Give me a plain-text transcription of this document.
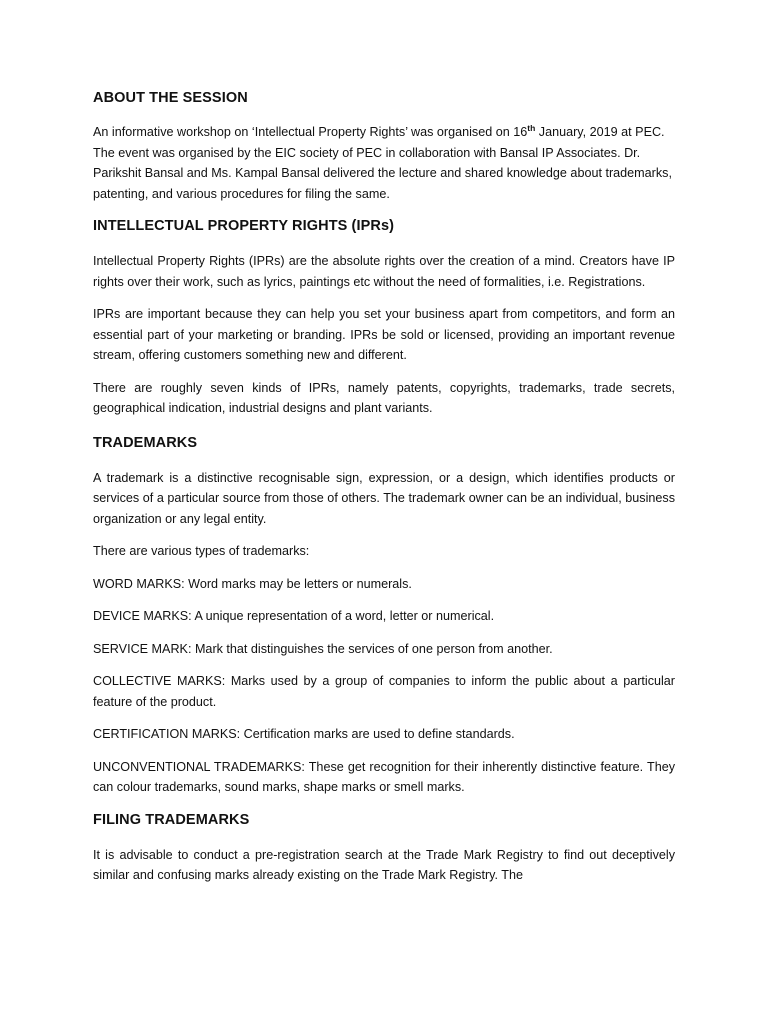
ABOUT THE SESSION

An informative workshop on ‘Intellectual Property Rights’ was organised on 16th January, 2019 at PEC. The event was organised by the EIC society of PEC in collaboration with Bansal IP Associates. Dr. Parikshit Bansal and Ms. Kampal Bansal delivered the lecture and shared knowledge about trademarks, patenting, and various procedures for filing the same.

INTELLECTUAL PROPERTY RIGHTS (IPRs)

Intellectual Property Rights (IPRs) are the absolute rights over the creation of a mind. Creators have IP rights over their work, such as lyrics, paintings etc without the need of formalities, i.e. Registrations.

IPRs are important because they can help you set your business apart from competitors, and form an essential part of your marketing or branding. IPRs be sold or licensed, providing an important revenue stream, offering customers something new and different.

There are roughly seven kinds of IPRs, namely patents, copyrights, trademarks, trade secrets, geographical indication, industrial designs and plant variants.

TRADEMARKS

A trademark is a distinctive recognisable sign, expression, or a design, which identifies products or services of a particular source from those of others. The trademark owner can be an individual, business organization or any legal entity.

There are various types of trademarks:

WORD MARKS: Word marks may be letters or numerals.

DEVICE MARKS: A unique representation of a word, letter or numerical.

SERVICE MARK: Mark that distinguishes the services of one person from another.

COLLECTIVE MARKS: Marks used by a group of companies to inform the public about a particular feature of the product.

CERTIFICATION MARKS: Certification marks are used to define standards.

UNCONVENTIONAL TRADEMARKS: These get recognition for their inherently distinctive feature. They can colour trademarks, sound marks, shape marks or smell marks.

FILING TRADEMARKS

It is advisable to conduct a pre-registration search at the Trade Mark Registry to find out deceptively similar and confusing marks already existing on the Trade Mark Registry. The
